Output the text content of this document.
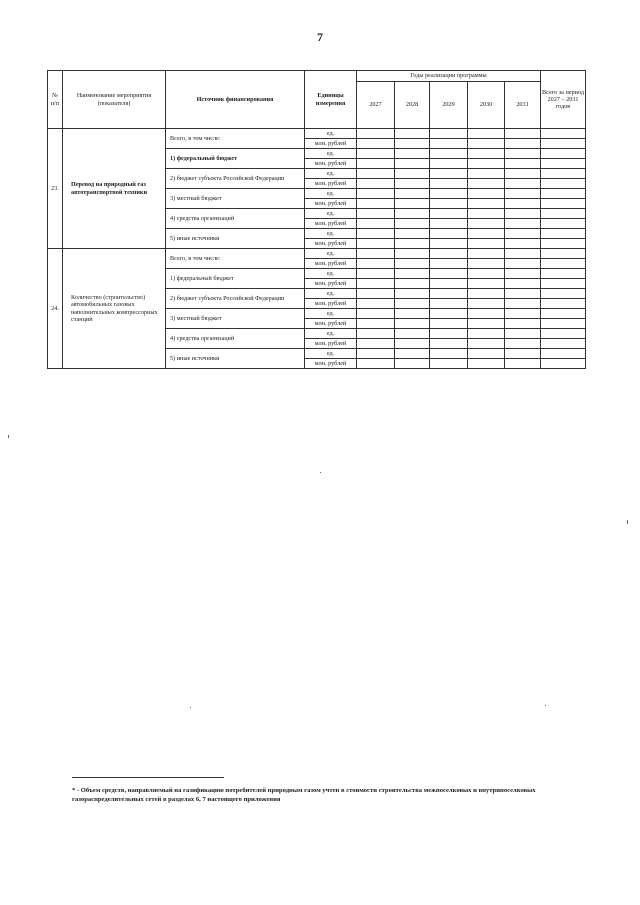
7
№ п/п	Наименование мероприятия (показателя)	Источник финансирования	Единицы измерения	Годы реализации программы					Всего за период 2027 – 2031 годов
				2027	2028	2029	2030	2031	
23.	Перевод на природный газ автотранспортной техники	Всего, в том числе:	ед.						
			млн. рублей						
		1) федеральный бюджет	ед.						
			млн. рублей						
		2) бюджет субъекта Российской Федерации	ед.						
			млн. рублей						
		3) местный бюджет	ед.						
			млн. рублей						
		4) средства организаций	ед.						
			млн. рублей						
		5) иные источники	ед.						
			млн. рублей						
24.	Количество (строительство) автомобильных газовых наполнительных компрессорных станций	Всего, в том числе:	ед.						
			млн. рублей						
		1) федеральный бюджет	ед.						
			млн. рублей						
		2) бюджет субъекта Российской Федерации	ед.						
			млн. рублей						
		3) местный бюджет	ед.						
			млн. рублей						
		4) средства организаций	ед.						
			млн. рублей						
		5) иные источники	ед.						
			млн. рублей						
* - Объем средств, направляемый на газификацию потребителей природным газом учтен в стоимости строительства межпоселковых и внутрипоселковых газораспределительных сетей в разделах 6, 7 настоящего приложения
